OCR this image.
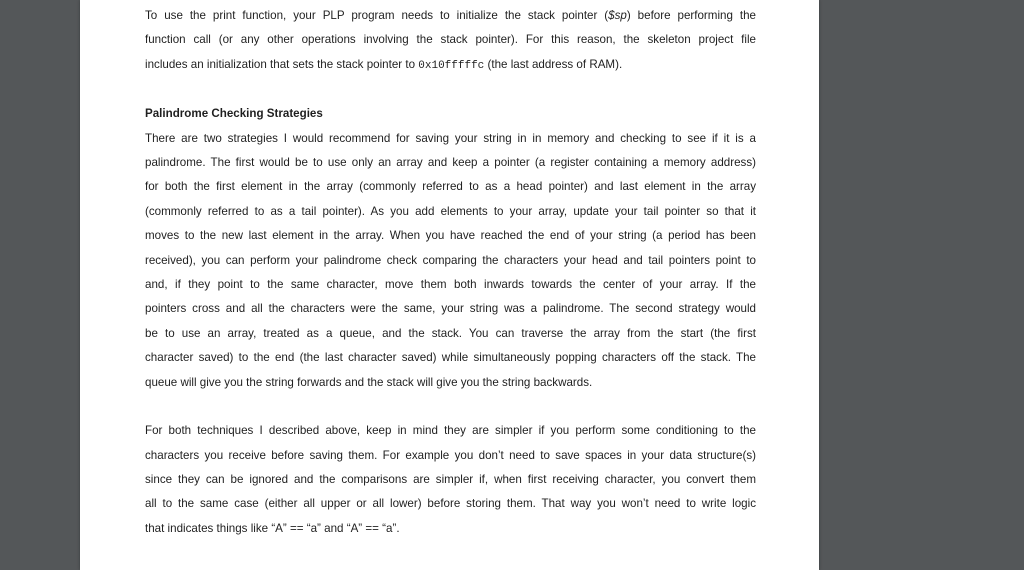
To use the print function, your PLP program needs to initialize the stack pointer ($sp) before performing the
function call (or any other operations involving the stack pointer). For this reason, the skeleton project file
includes an initialization that sets the stack pointer to 0x10fffffc (the last address of RAM).

Palindrome Checking Strategies

There are two strategies I would recommend for saving your string in in memory and checking to see if it is a
palindrome. The first would be to use only an array and keep a pointer (a register containing a memory address)
for both the first element in the array (commonly referred to as a head pointer) and last element in the array
(commonly referred to as a tail pointer). As you add elements to your array, update your tail pointer so that it
moves to the new last element in the array. When you have reached the end of your string (a period has been
received), you can perform your palindrome check comparing the characters your head and tail pointers point to
and, if they point to the same character, move them both inwards towards the center of your array. If the
pointers cross and all the characters were the same, your string was a palindrome. The second strategy would
be to use an array, treated as a queue, and the stack. You can traverse the array from the start (the first
character saved) to the end (the last character saved) while simultaneously popping characters off the stack. The
queue will give you the string forwards and the stack will give you the string backwards.
For both techniques I described above, keep in mind they are simpler if you perform some conditioning to the
characters you receive before saving them. For example you don’t need to save spaces in your data structure(s)
since they can be ignored and the comparisons are simpler if, when first receiving character, you convert them
all to the same case (either all upper or all lower) before storing them. That way you won’t need to write logic
that indicates things like “A” == “a” and “A” == “a”.
